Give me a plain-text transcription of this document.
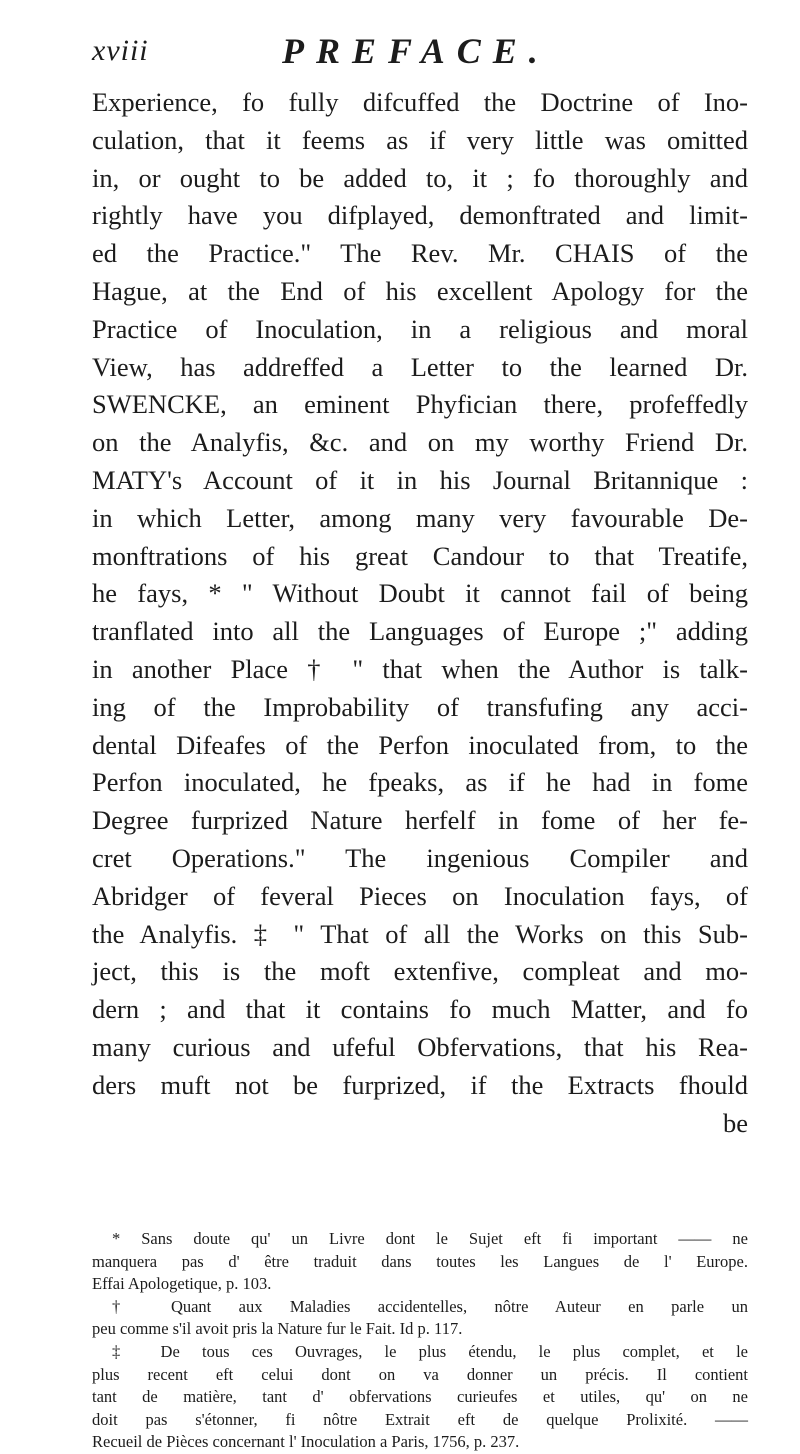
xviii	PREFACE.
Experience, fo fully difcuffed the Doctrine of Ino-
culation, that it feems as if very little was omitted
in, or ought to be added to, it ; fo thoroughly and
rightly have you difplayed, demonftrated and limit-
ed the Practice." The Rev. Mr. CHAIS of the
Hague, at the End of his excellent Apology for the
Practice of Inoculation, in a religious and moral
View, has addreffed a Letter to the learned Dr.
SWENCKE, an eminent Phyfician there, profeffedly
on the Analyfis, &c. and on my worthy Friend Dr.
MATY's Account of it in his Journal Britannique :
in which Letter, among many very favourable De-
monftrations of his great Candour to that Treatife,
he fays, * " Without Doubt it cannot fail of being
tranflated into all the Languages of Europe ;" adding
in another Place † " that when the Author is talk-
ing of the Improbability of transfufing any acci-
dental Difeafes of the Perfon inoculated from, to the
Perfon inoculated, he fpeaks, as if he had in fome
Degree furprized Nature herfelf in fome of her fe-
cret Operations." The ingenious Compiler and
Abridger of feveral Pieces on Inoculation fays, of
the Analyfis. ‡ " That of all the Works on this Sub-
ject, this is the moft extenfive, compleat and mo-
dern ; and that it contains fo much Matter, and fo
many curious and ufeful Obfervations, that his Rea-
ders muft not be furprized, if the Extracts fhould
be
* Sans doute qu' un Livre dont le Sujet eft fi important —— ne
manquera pas d' être traduit dans toutes les Langues de l' Europe.
Effai Apologetique, p. 103.
† Quant aux Maladies accidentelles, nôtre Auteur en parle un
peu comme s'il avoit pris la Nature fur le Fait. Id p. 117.
‡ De tous ces Ouvrages, le plus étendu, le plus complet, et le
plus recent eft celui dont on va donner un précis. Il contient
tant de matière, tant d' obfervations curieufes et utiles, qu' on ne
doit pas s'étonner, fi nôtre Extrait eft de quelque Prolixité. ——
Recueil de Pièces concernant l' Inoculation a Paris, 1756, p. 237.
